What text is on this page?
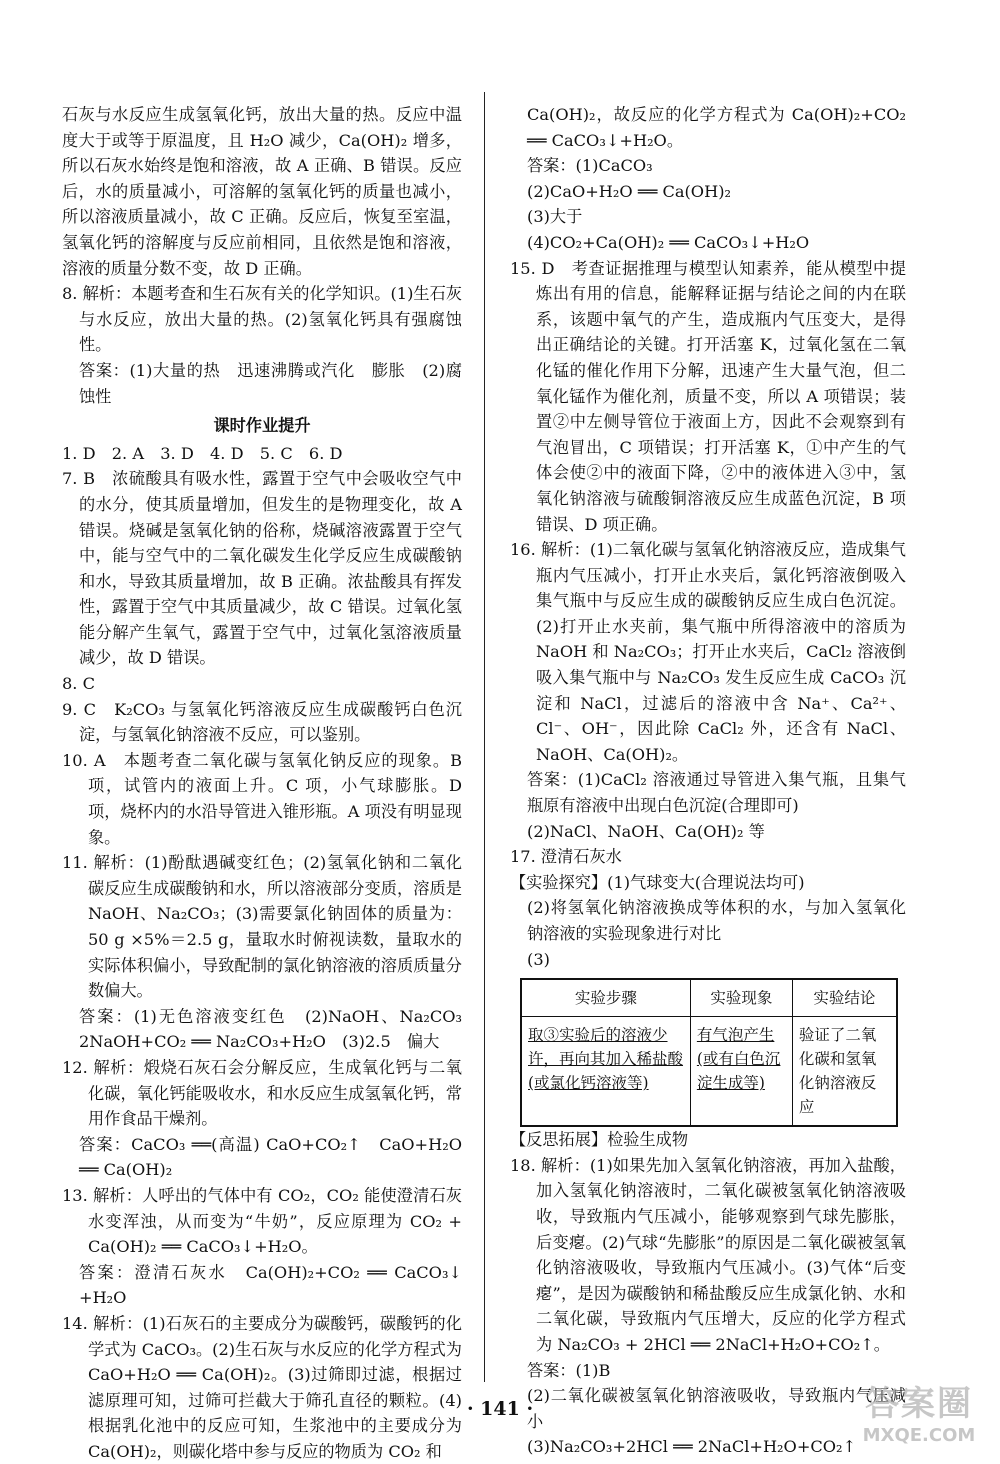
石灰与水反应生成氢氧化钙，放出大量的热。反应中温度大于或等于原温度，且 H₂O 减少，Ca(OH)₂ 增多，所以石灰水始终是饱和溶液，故 A 正确、B 错误。反应后，水的质量减小，可溶解的氢氧化钙的质量也减小，所以溶液质量减小，故 C 正确。反应后，恢复至室温，氢氧化钙的溶解度与反应前相同，且依然是饱和溶液，溶液的质量分数不变，故 D 正确。

8. 解析：本题考查和生石灰有关的化学知识。(1)生石灰与水反应，放出大量的热。(2)氢氧化钙具有强腐蚀性。

答案：(1)大量的热　迅速沸腾或汽化　膨胀　(2)腐蚀性

课时作业提升

1. D　2. A　3. D　4. D　5. C　6. D

7. B　浓硫酸具有吸水性，露置于空气中会吸收空气中的水分，使其质量增加，但发生的是物理变化，故 A 错误。烧碱是氢氧化钠的俗称，烧碱溶液露置于空气中，能与空气中的二氧化碳发生化学反应生成碳酸钠和水，导致其质量增加，故 B 正确。浓盐酸具有挥发性，露置于空气中其质量减少，故 C 错误。过氧化氢能分解产生氧气，露置于空气中，过氧化氢溶液质量减少，故 D 错误。

8. C

9. C　K₂CO₃ 与氢氧化钙溶液反应生成碳酸钙白色沉淀，与氢氧化钠溶液不反应，可以鉴别。

10. A　本题考查二氧化碳与氢氧化钠反应的现象。B 项，试管内的液面上升。C 项，小气球膨胀。D 项，烧杯内的水沿导管进入锥形瓶。A 项没有明显现象。

11. 解析：(1)酚酞遇碱变红色；(2)氢氧化钠和二氧化碳反应生成碳酸钠和水，所以溶液部分变质，溶质是 NaOH、Na₂CO₃；(3)需要氯化钠固体的质量为：50 g ×5%＝2.5 g，量取水时俯视读数，量取水的实际体积偏小，导致配制的氯化钠溶液的溶质质量分数偏大。

答案：(1)无色溶液变红色　(2)NaOH、Na₂CO₃　2NaOH+CO₂ ══ Na₂CO₃+H₂O　(3)2.5　偏大

12. 解析：煅烧石灰石会分解反应，生成氧化钙与二氧化碳，氧化钙能吸收水，和水反应生成氢氧化钙，常用作食品干燥剂。

答案：CaCO₃ ══(高温) CaO+CO₂↑　CaO+H₂O ══ Ca(OH)₂

13. 解析：人呼出的气体中有 CO₂，CO₂ 能使澄清石灰水变浑浊，从而变为“牛奶”，反应原理为 CO₂ + Ca(OH)₂ ══ CaCO₃↓+H₂O。

答案：澄清石灰水　Ca(OH)₂+CO₂ ══ CaCO₃↓ +H₂O

14. 解析：(1)石灰石的主要成分为碳酸钙，碳酸钙的化学式为 CaCO₃。(2)生石灰与水反应的化学方程式为 CaO+H₂O ══ Ca(OH)₂。(3)过筛即过滤，根据过滤原理可知，过筛可拦截大于筛孔直径的颗粒。(4)根据乳化池中的反应可知，生浆池中的主要成分为 Ca(OH)₂，则碳化塔中参与反应的物质为 CO₂ 和

Ca(OH)₂，故反应的化学方程式为 Ca(OH)₂+CO₂ ══ CaCO₃↓+H₂O。

答案：(1)CaCO₃

(2)CaO+H₂O ══ Ca(OH)₂

(3)大于

(4)CO₂+Ca(OH)₂ ══ CaCO₃↓+H₂O

15. D　考查证据推理与模型认知素养，能从模型中提炼出有用的信息，能解释证据与结论之间的内在联系，该题中氧气的产生，造成瓶内气压变大，是得出正确结论的关键。打开活塞 K，过氧化氢在二氧化锰的催化作用下分解，迅速产生大量气泡，但二氧化锰作为催化剂，质量不变，所以 A 项错误；装置②中左侧导管位于液面上方，因此不会观察到有气泡冒出，C 项错误；打开活塞 K，①中产生的气体会使②中的液面下降，②中的液体进入③中，氢氧化钠溶液与硫酸铜溶液反应生成蓝色沉淀，B 项错误、D 项正确。

16. 解析：(1)二氧化碳与氢氧化钠溶液反应，造成集气瓶内气压减小，打开止水夹后，氯化钙溶液倒吸入集气瓶中与反应生成的碳酸钠反应生成白色沉淀。(2)打开止水夹前，集气瓶中所得溶液中的溶质为 NaOH 和 Na₂CO₃；打开止水夹后，CaCl₂ 溶液倒吸入集气瓶中与 Na₂CO₃ 发生反应生成 CaCO₃ 沉淀和 NaCl，过滤后的溶液中含 Na⁺、Ca²⁺、Cl⁻、OH⁻，因此除 CaCl₂ 外，还含有 NaCl、NaOH、Ca(OH)₂。

答案：(1)CaCl₂ 溶液通过导管进入集气瓶，且集气瓶原有溶液中出现白色沉淀(合理即可)

(2)NaCl、NaOH、Ca(OH)₂ 等

17. 澄清石灰水

【实验探究】(1)气球变大(合理说法均可)

(2)将氢氧化钠溶液换成等体积的水，与加入氢氧化钠溶液的实验现象进行对比

(3)

实验步骤	实验现象	实验结论
取③实验后的溶液少许，再向其加入稀盐酸(或氯化钙溶液等)	有气泡产生(或有白色沉淀生成等)	验证了二氧化碳和氢氧化钠溶液反应

【反思拓展】检验生成物

18. 解析：(1)如果先加入氢氧化钠溶液，再加入盐酸，加入氢氧化钠溶液时，二氧化碳被氢氧化钠溶液吸收，导致瓶内气压减小，能够观察到气球先膨胀，后变瘪。(2)气球“先膨胀”的原因是二氧化碳被氢氧化钠溶液吸收，导致瓶内气压减小。(3)气体“后变瘪”，是因为碳酸钠和稀盐酸反应生成氯化钠、水和二氧化碳，导致瓶内气压增大，反应的化学方程式为 Na₂CO₃ + 2HCl ══ 2NaCl+H₂O+CO₂↑。

答案：(1)B

(2)二氧化碳被氢氧化钠溶液吸收，导致瓶内气压减小

(3)Na₂CO₃+2HCl ══ 2NaCl+H₂O+CO₂↑

· 141 ·	答案圈
MXQE.COM
